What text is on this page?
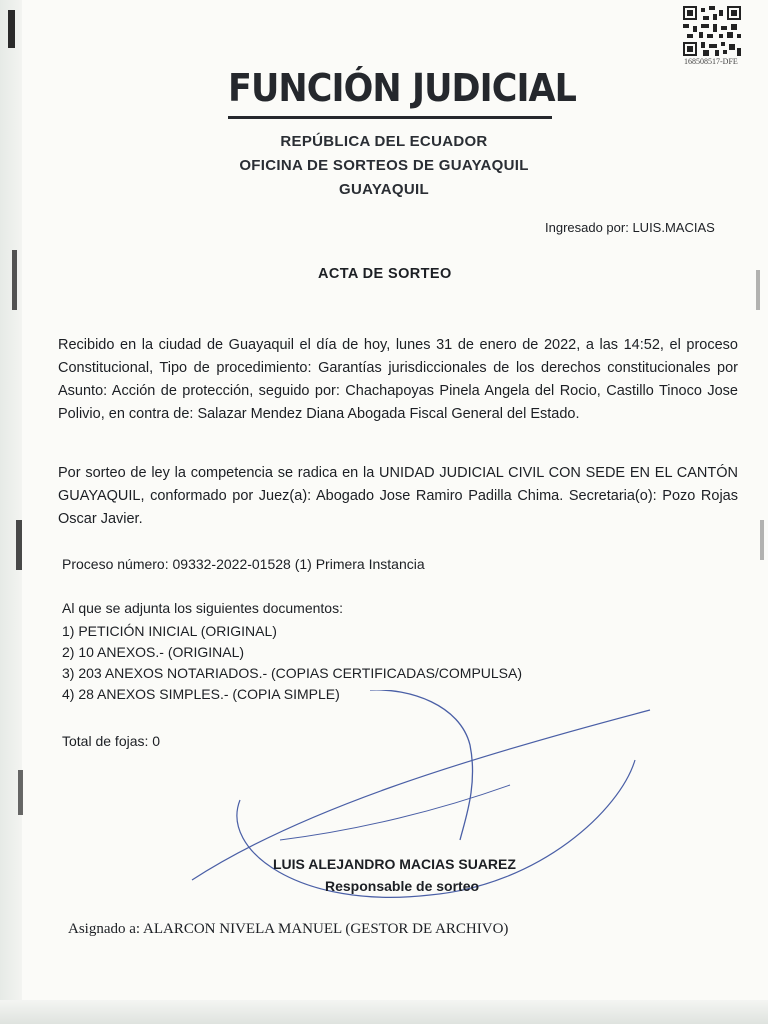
168508517-DFE
FUNCIÓN JUDICIAL
REPÚBLICA DEL ECUADOR
OFICINA DE SORTEOS DE GUAYAQUIL
GUAYAQUIL
Ingresado por: LUIS.MACIAS
ACTA DE SORTEO
Recibido en la ciudad de Guayaquil el día de hoy, lunes 31 de enero de 2022, a las 14:52, el proceso Constitucional, Tipo de procedimiento: Garantías jurisdiccionales de los derechos constitucionales por Asunto: Acción de protección, seguido por: Chachapoyas Pinela Angela del Rocio, Castillo Tinoco Jose Polivio, en contra de: Salazar Mendez Diana Abogada Fiscal General del Estado.
Por sorteo de ley la competencia se radica en la UNIDAD JUDICIAL CIVIL CON SEDE EN EL CANTÓN GUAYAQUIL, conformado por Juez(a): Abogado Jose Ramiro Padilla Chima. Secretaria(o): Pozo Rojas Oscar Javier.
Proceso número: 09332-2022-01528 (1) Primera Instancia
Al que se adjunta los siguientes documentos:
1) PETICIÓN INICIAL (ORIGINAL)
2) 10 ANEXOS.- (ORIGINAL)
3) 203 ANEXOS NOTARIADOS.- (COPIAS CERTIFICADAS/COMPULSA)
4) 28 ANEXOS SIMPLES.- (COPIA SIMPLE)
Total de fojas: 0
LUIS ALEJANDRO MACIAS SUAREZ
Responsable de sorteo
Asignado a: ALARCON NIVELA MANUEL (GESTOR DE ARCHIVO)
